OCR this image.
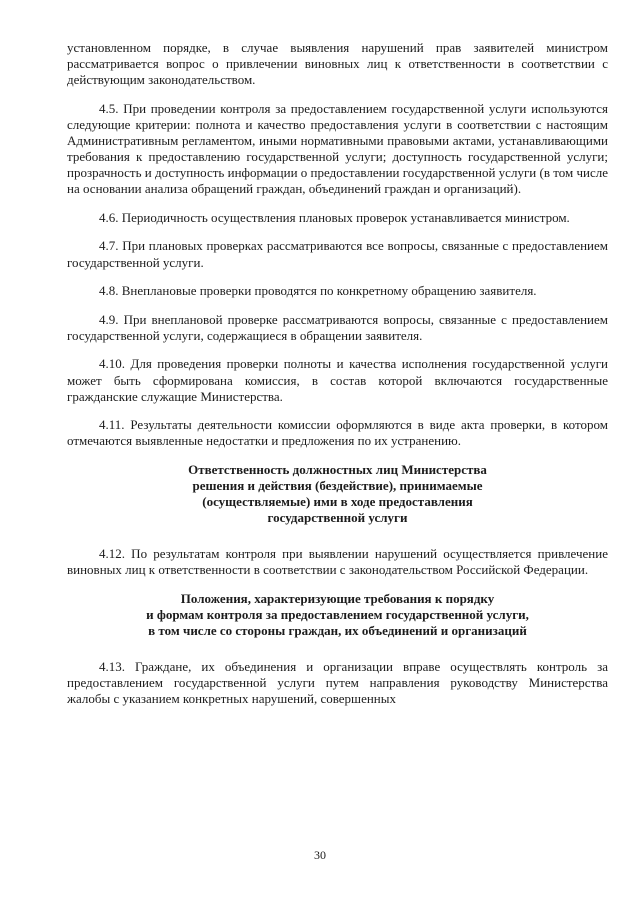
установленном порядке, в случае выявления нарушений прав заявителей министром рассматривается вопрос о привлечении виновных лиц к ответственности в соответствии с действующим законодательством.

4.5. При проведении контроля за предоставлением государственной услуги используются следующие критерии: полнота и качество предоставления услуги в соответствии с настоящим Административным регламентом, иными нормативными правовыми актами, устанавливающими требования к предоставлению государственной услуги; доступность государственной услуги; прозрачность и доступность информации о предоставлении государственной услуги (в том числе на основании анализа обращений граждан, объединений граждан и организаций).

4.6. Периодичность осуществления плановых проверок устанавливается министром.

4.7. При плановых проверках рассматриваются все вопросы, связанные с предоставлением государственной услуги.

4.8. Внеплановые проверки проводятся по конкретному обращению заявителя.

4.9. При внеплановой проверке рассматриваются вопросы, связанные с предоставлением государственной услуги, содержащиеся в обращении заявителя.

4.10. Для проведения проверки полноты и качества исполнения государственной услуги может быть сформирована комиссия, в состав которой включаются государственные гражданские служащие Министерства.

4.11. Результаты деятельности комиссии оформляются в виде акта проверки, в котором отмечаются выявленные недостатки и предложения по их устранению.

Ответственность должностных лиц Министерства
решения и действия (бездействие), принимаемые
(осуществляемые) ими в ходе предоставления
государственной услуги

4.12. По результатам контроля при выявлении нарушений осуществляется привлечение виновных лиц к ответственности в соответствии с законодательством Российской Федерации.

Положения, характеризующие требования к порядку
и формам контроля за предоставлением государственной услуги,
в том числе со стороны граждан, их объединений и организаций

4.13. Граждане, их объединения и организации вправе осуществлять контроль за предоставлением государственной услуги путем направления руководству Министерства жалобы с указанием конкретных нарушений, совершенных

30
